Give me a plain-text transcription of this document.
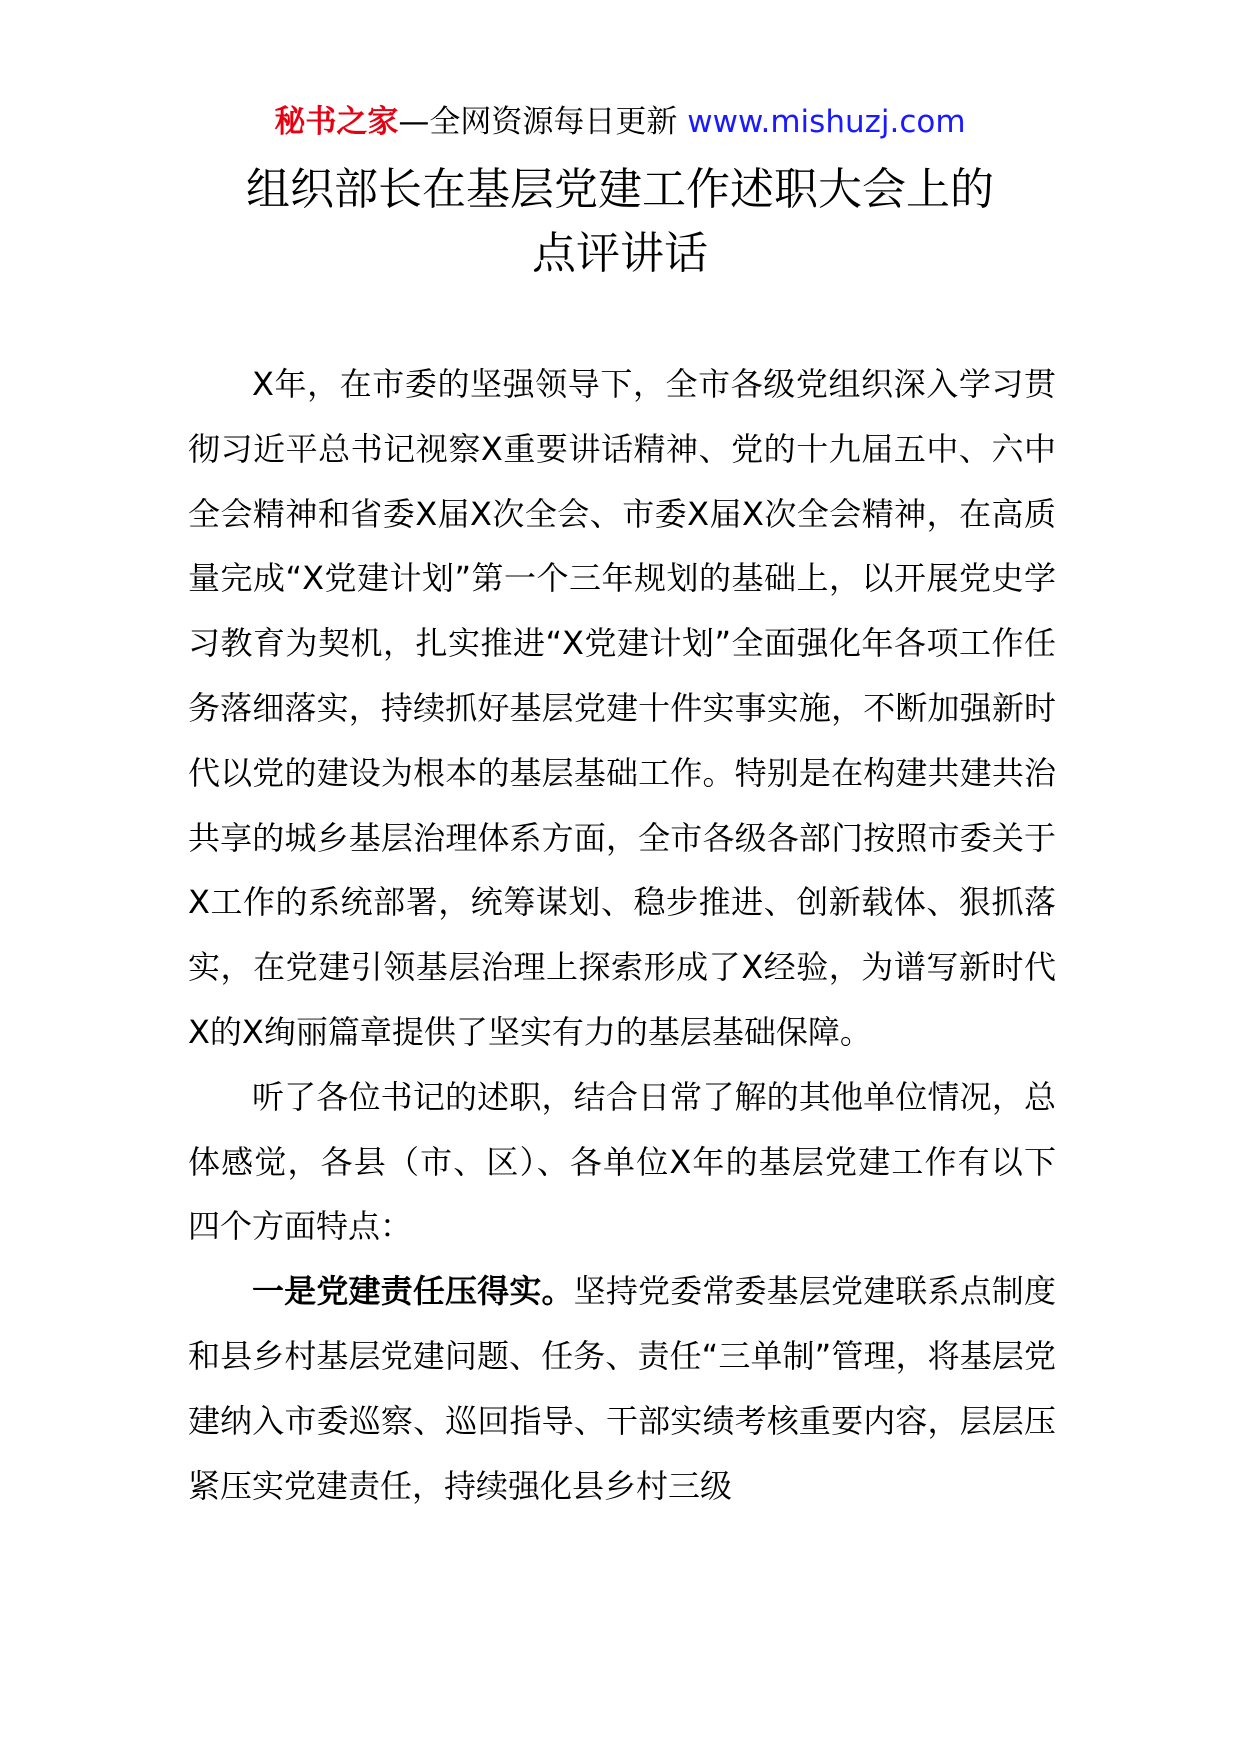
秘书之家—全网资源每日更新 www.mishuzj.com
组织部长在基层党建工作述职大会上的
点评讲话

X年，在市委的坚强领导下，全市各级党组织深入学习贯彻习近平总书记视察X重要讲话精神、党的十九届五中、六中全会精神和省委X届X次全会、市委X届X次全会精神，在高质量完成“X党建计划”第一个三年规划的基础上，以开展党史学习教育为契机，扎实推进“X党建计划”全面强化年各项工作任务落细落实，持续抓好基层党建十件实事实施，不断加强新时代以党的建设为根本的基层基础工作。特别是在构建共建共治共享的城乡基层治理体系方面，全市各级各部门按照市委关于X工作的系统部署，统筹谋划、稳步推进、创新载体、狠抓落实，在党建引领基层治理上探索形成了X经验，为谱写新时代X的X绚丽篇章提供了坚实有力的基层基础保障。

听了各位书记的述职，结合日常了解的其他单位情况，总体感觉，各县（市、区）、各单位X年的基层党建工作有以下四个方面特点：

一是党建责任压得实。坚持党委常委基层党建联系点制度和县乡村基层党建问题、任务、责任“三单制”管理，将基层党建纳入市委巡察、巡回指导、干部实绩考核重要内容，层层压紧压实党建责任，持续强化县乡村三级
